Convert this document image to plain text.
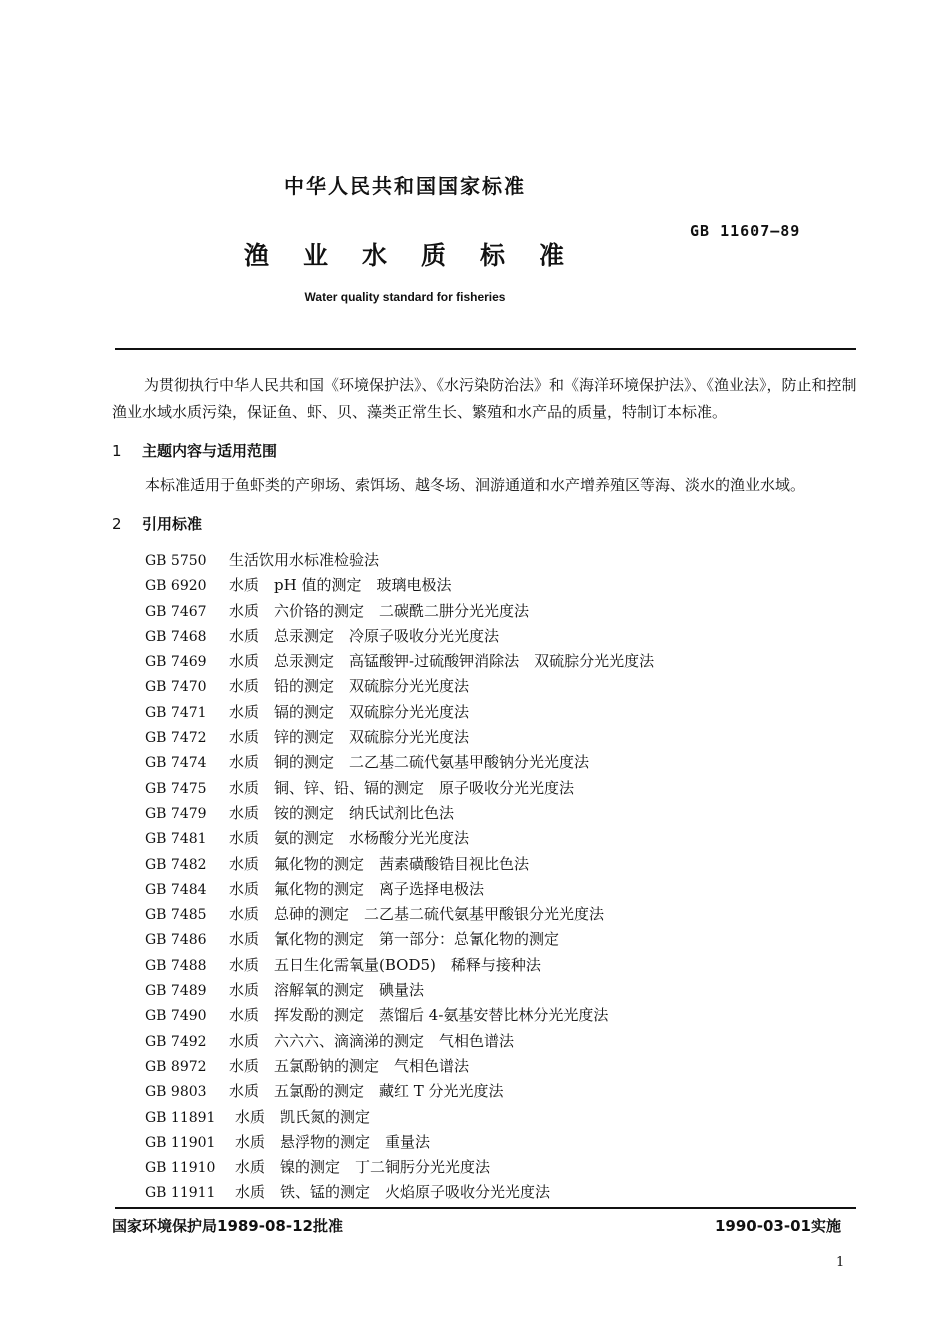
中华人民共和国国家标准
GB 11607—89
渔业水质标准
Water quality standard for fisheries
为贯彻执行中华人民共和国《环境保护法》、《水污染防治法》和《海洋环境保护法》、《渔业法》，防止和控制渔业水域水质污染，保证鱼、虾、贝、藻类正常生长、繁殖和水产品的质量，特制订本标准。
1 主题内容与适用范围
本标准适用于鱼虾类的产卵场、索饵场、越冬场、洄游通道和水产增养殖区等海、淡水的渔业水域。
2 引用标准
GB 5750 生活饮用水标准检验法
GB 6920 水质　pH 值的测定　玻璃电极法
GB 7467 水质　六价铬的测定　二碳酰二肼分光光度法
GB 7468 水质　总汞测定　冷原子吸收分光光度法
GB 7469 水质　总汞测定　高锰酸钾-过硫酸钾消除法　双硫腙分光光度法
GB 7470 水质　铅的测定　双硫腙分光光度法
GB 7471 水质　镉的测定　双硫腙分光光度法
GB 7472 水质　锌的测定　双硫腙分光光度法
GB 7474 水质　铜的测定　二乙基二硫代氨基甲酸钠分光光度法
GB 7475 水质　铜、锌、铅、镉的测定　原子吸收分光光度法
GB 7479 水质　铵的测定　纳氏试剂比色法
GB 7481 水质　氨的测定　水杨酸分光光度法
GB 7482 水质　氟化物的测定　茜素磺酸锆目视比色法
GB 7484 水质　氟化物的测定　离子选择电极法
GB 7485 水质　总砷的测定　二乙基二硫代氨基甲酸银分光光度法
GB 7486 水质　氰化物的测定　第一部分：总氰化物的测定
GB 7488 水质　五日生化需氧量(BOD5)　稀释与接种法
GB 7489 水质　溶解氧的测定　碘量法
GB 7490 水质　挥发酚的测定　蒸馏后 4-氨基安替比林分光光度法
GB 7492 水质　六六六、滴滴涕的测定　气相色谱法
GB 8972 水质　五氯酚钠的测定　气相色谱法
GB 9803 水质　五氯酚的测定　藏红 T 分光光度法
GB 11891 水质　凯氏氮的测定
GB 11901 水质　悬浮物的测定　重量法
GB 11910 水质　镍的测定　丁二铜肟分光光度法
GB 11911 水质　铁、锰的测定　火焰原子吸收分光光度法
国家环境保护局1989-08-12批准	1990-03-01实施
1
